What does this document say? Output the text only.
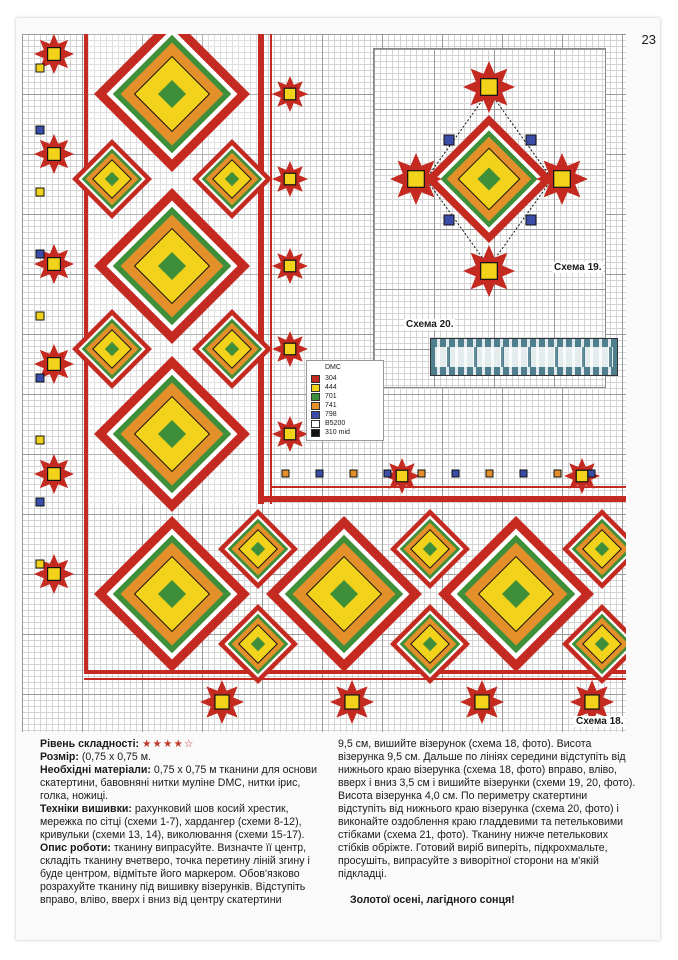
23
Схема 18.
Схема 19.
Схема 20.
DMC
304
444
701
741
798
B5200
310 mid

Рівень складності: ★★★★☆

Розмір: (0,75 х 0,75 м.

Необхідні матеріали: 0,75 х 0,75 м тканини для основи скатертини, бавовняні нитки муліне DMC, нитки ірис, голка, ножиці.

Техніки вишивки: рахунковий шов косий хрестик, мережка по сітці (схеми 1-7), хардангер (схеми 8-12), кривульки (схеми 13, 14), виколювання (схеми 15-17).

Опис роботи: тканину випрасуйте. Визначте її центр, складіть тканину вчетверо, точка перетину ліній згину і буде центром, відмітьте його маркером. Обов'язково розрахуйте тканину під вишивку візерунків. Відступіть вправо, вліво, вверх і вниз від центру скатертини

9,5 см, вишийте візерунок (схема 18, фото). Висота візерунка 9,5 см. Дальше по лініях середини відступіть від нижнього краю візерунка (схема 18, фото) вправо, вліво, вверх і вниз 3,5 см і вишийте візерунки (схеми 19, 20, фото). Висота візерунка 4,0 см. По периметру скатертини відступіть від нижнього краю візерунка (схема 20, фото) і виконайте оздоблення краю гладдевими та петельковими стібками (схема 21, фото). Тканину нижче петелькових стібків обріжте. Готовий виріб виперіть, підкрохмальте, просушіть, випрасуйте з виворітної сторони на м'якій підкладці.

Золотої осені, лагідного сонця!
